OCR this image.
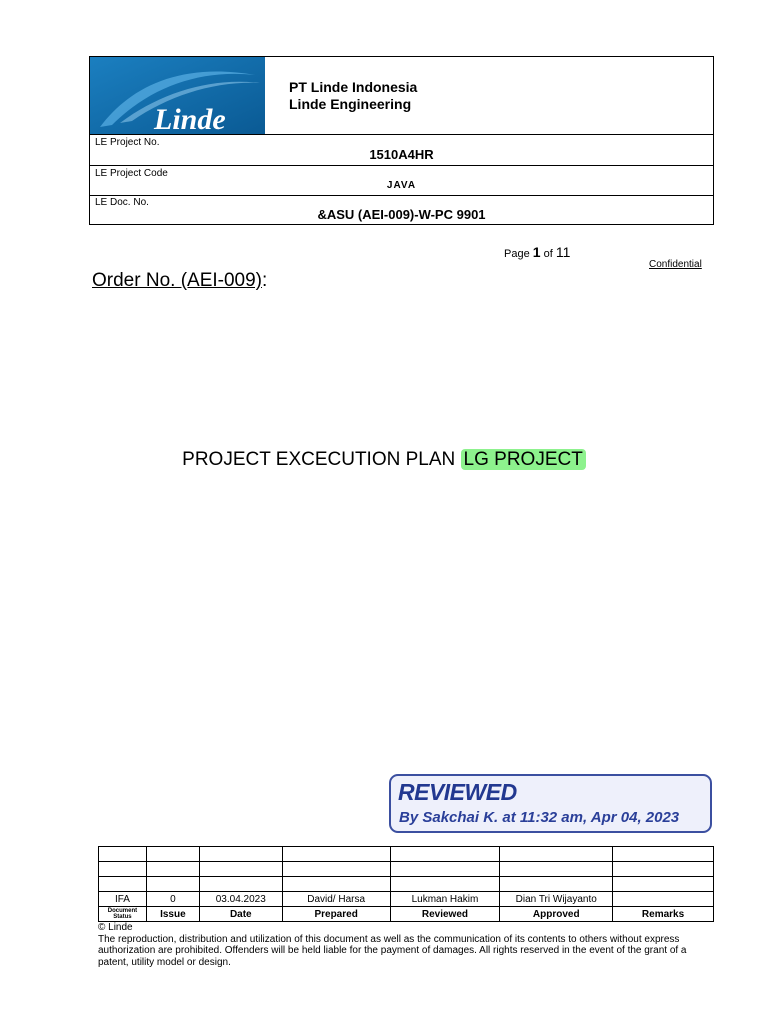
Linde
PT Linde Indonesia
Linde Engineering
LE Project No.
1510A4HR
LE Project Code
JAVA
LE Doc. No.
&ASU (AEI-009)-W-PC 9901
Page 1 of 11
Confidential
Order No. (AEI-009):
PROJECT EXCECUTION PLAN LG PROJECT
REVIEWED
By Sakchai K. at 11:32 am, Apr 04, 2023

IFA	0	03.04.2023	David/ Harsa	Lukman Hakim	Dian Tri Wijayanto	
Document Status	Issue	Date	Prepared	Reviewed	Approved	Remarks
© Linde
The reproduction, distribution and utilization of this document as well as the communication of its contents to others without express authorization are prohibited. Offenders will be held liable for the payment of damages. All rights reserved in the event of the grant of a patent, utility model or design.
